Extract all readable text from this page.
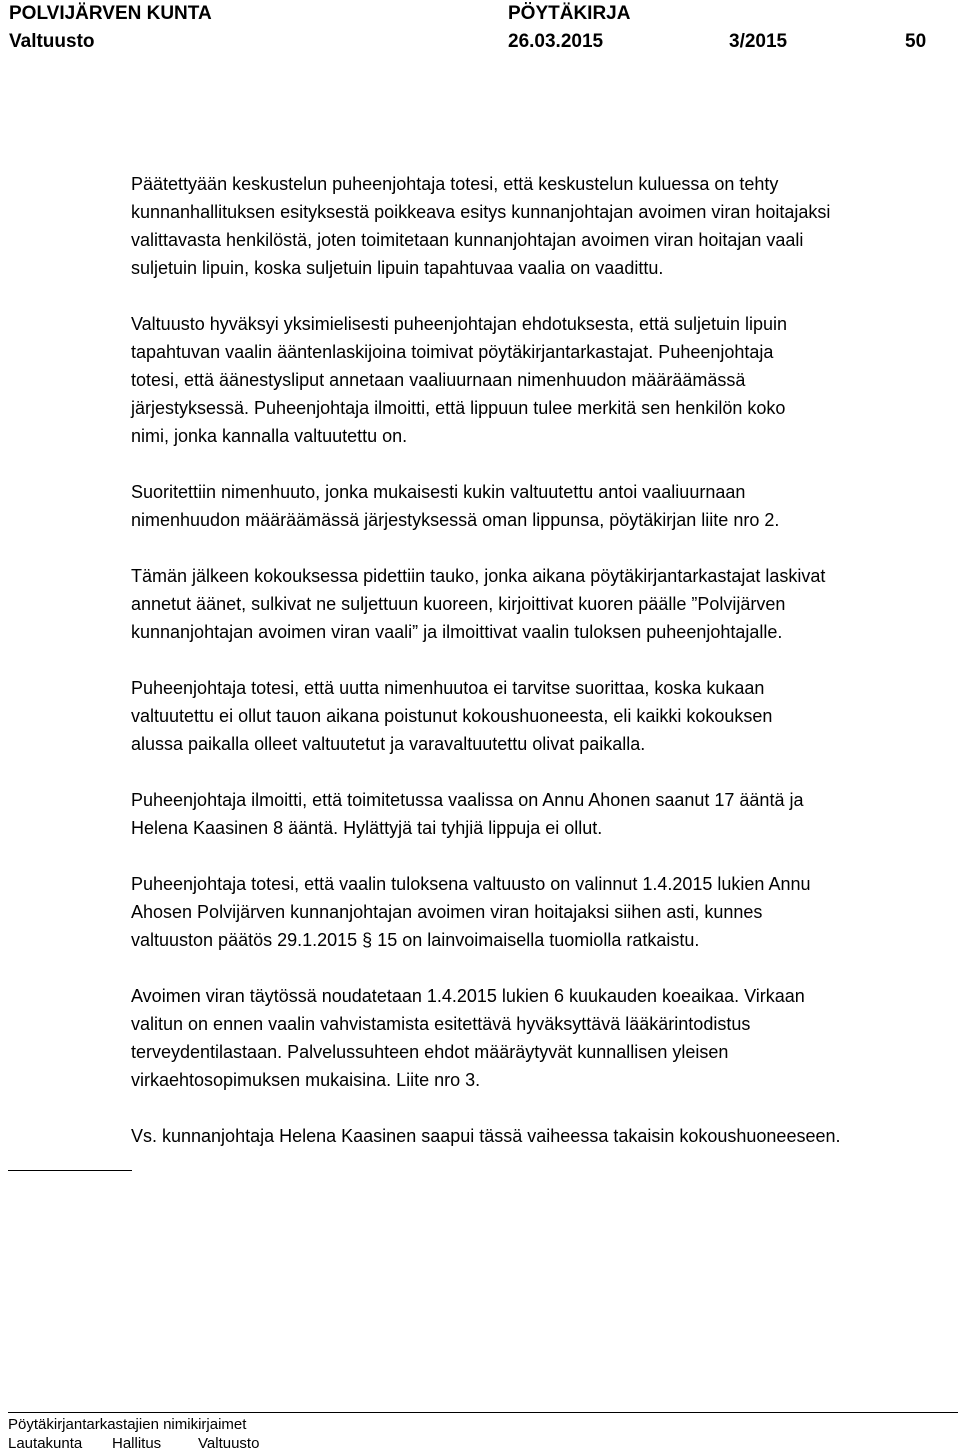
POLVIJÄRVEN KUNTA	PÖYTÄKIRJA
Valtuusto	26.03.2015	3/2015	50

Päätettyään keskustelun puheenjohtaja totesi, että keskustelun kuluessa on tehty
kunnanhallituksen esityksestä poikkeava esitys kunnanjohtajan avoimen viran hoitajaksi
valittavasta henkilöstä, joten toimitetaan kunnanjohtajan avoimen viran hoitajan vaali
suljetuin lipuin, koska suljetuin lipuin tapahtuvaa vaalia on vaadittu.

Valtuusto hyväksyi yksimielisesti puheenjohtajan ehdotuksesta, että suljetuin lipuin
tapahtuvan vaalin ääntenlaskijoina toimivat pöytäkirjantarkastajat. Puheenjohtaja
totesi, että äänestysliput annetaan vaaliuurnaan nimenhuudon määräämässä
järjestyksessä. Puheenjohtaja ilmoitti, että lippuun tulee merkitä sen henkilön koko
nimi, jonka kannalla valtuutettu on.

Suoritettiin nimenhuuto, jonka mukaisesti kukin valtuutettu antoi vaaliuurnaan
nimenhuudon määräämässä järjestyksessä oman lippunsa, pöytäkirjan liite nro 2.

Tämän jälkeen kokouksessa pidettiin tauko, jonka aikana pöytäkirjantarkastajat laskivat
annetut äänet, sulkivat ne suljettuun kuoreen, kirjoittivat kuoren päälle ”Polvijärven
kunnanjohtajan avoimen viran vaali” ja ilmoittivat vaalin tuloksen puheenjohtajalle.

Puheenjohtaja totesi, että uutta nimenhuutoa ei tarvitse suorittaa, koska kukaan
valtuutettu ei ollut tauon aikana poistunut kokoushuoneesta, eli kaikki kokouksen
alussa paikalla olleet valtuutetut ja varavaltuutettu olivat paikalla.

Puheenjohtaja ilmoitti, että toimitetussa vaalissa on Annu Ahonen saanut 17 ääntä ja
Helena Kaasinen 8 ääntä. Hylättyjä tai tyhjiä lippuja ei ollut.

Puheenjohtaja totesi, että vaalin tuloksena valtuusto on valinnut 1.4.2015 lukien Annu
Ahosen Polvijärven kunnanjohtajan avoimen viran hoitajaksi siihen asti, kunnes
valtuuston päätös 29.1.2015 § 15 on lainvoimaisella tuomiolla ratkaistu.

Avoimen viran täytössä noudatetaan 1.4.2015 lukien 6 kuukauden koeaikaa. Virkaan
valitun on ennen vaalin vahvistamista esitettävä hyväksyttävä lääkärintodistus
terveydentilastaan. Palvelussuhteen ehdot määräytyvät kunnallisen yleisen
virkaehtosopimuksen mukaisina. Liite nro 3.

Vs. kunnanjohtaja Helena Kaasinen saapui tässä vaiheessa takaisin kokoushuoneeseen.

Pöytäkirjantarkastajien nimikirjaimet
Lautakunta Hallitus Valtuusto
